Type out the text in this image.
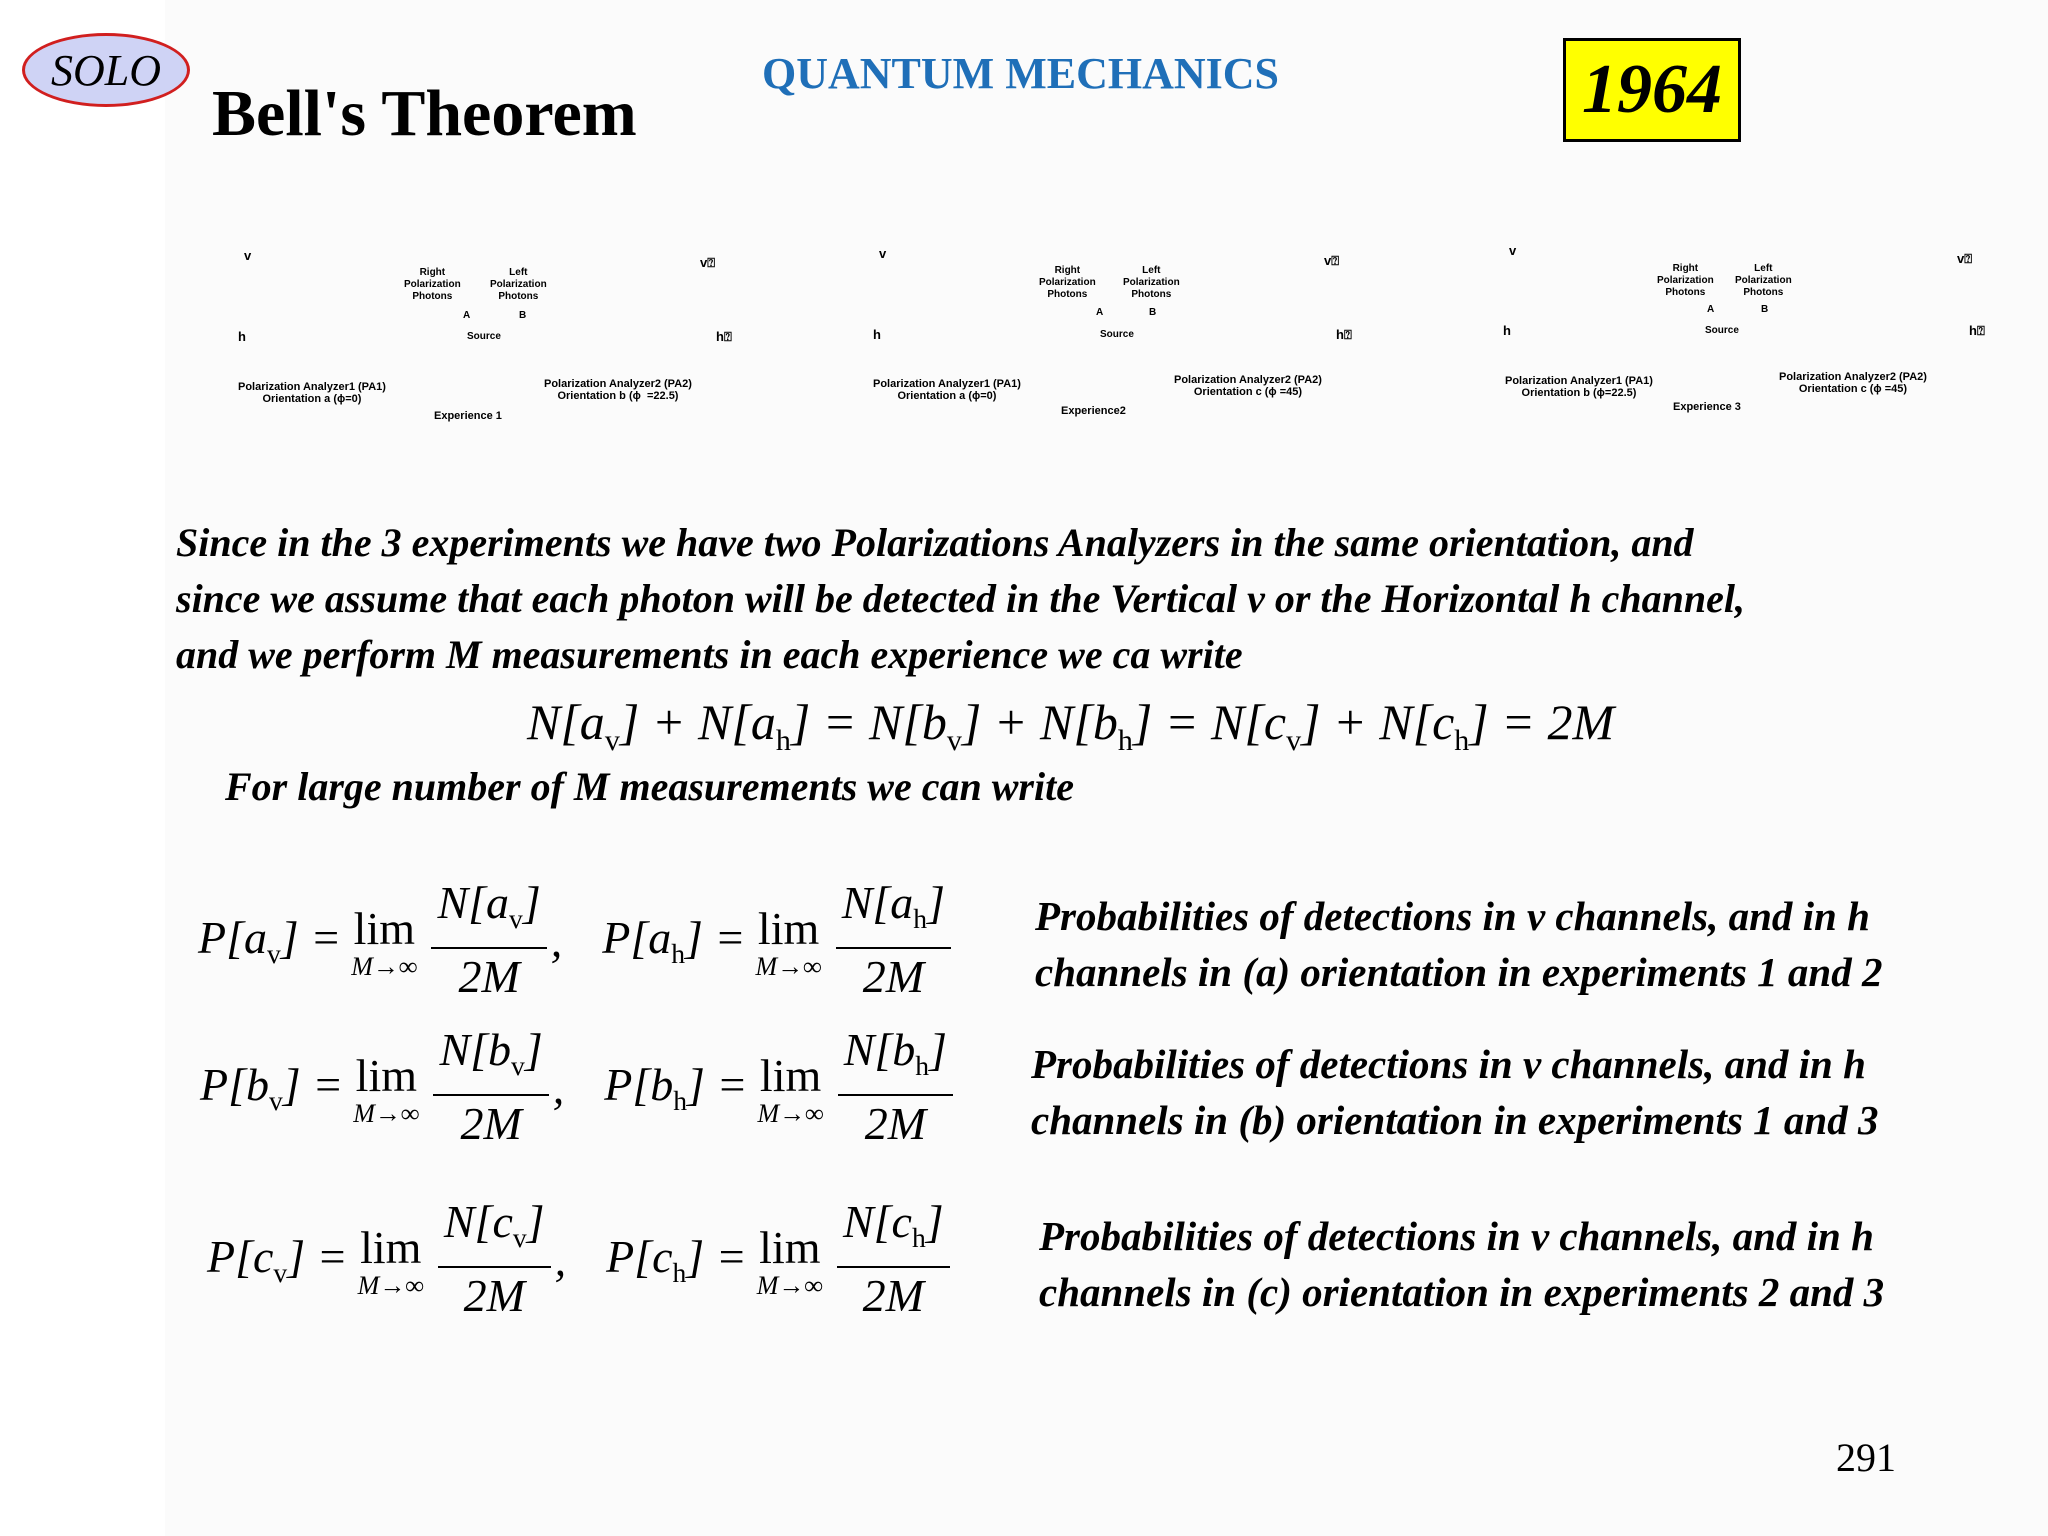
SOLO
Bell's Theorem
QUANTUM MECHANICS	1964
v
h
v⍰
h⍰
Right
Polarization
Photons
Left
Polarization
Photons
A	B
Source
Polarization Analyzer1 (PA1)
Orientation a (ϕ=0)
Polarization Analyzer2 (PA2)
Orientation b (ϕ  =22.5)
Experience 1
v
h
v⍰
h⍰
Right
Polarization
Photons
Left
Polarization
Photons
A	B
Source
Polarization Analyzer1 (PA1)
Orientation a (ϕ=0)
Polarization Analyzer2 (PA2)
Orientation c (ϕ =45)
Experience2
v
h
v⍰
h⍰
Right
Polarization
Photons
Left
Polarization
Photons
A	B
Source
Polarization Analyzer1 (PA1)
Orientation b (ϕ=22.5)
Polarization Analyzer2 (PA2)
Orientation c (ϕ =45)
Experience 3
Since in the 3 experiments we have two Polarizations Analyzers in the same orientation, and
since we assume that each photon will be detected in the Vertical v or the Horizontal h channel,
and we perform M measurements in each experience we ca write
$N[a_v] + N[a_h] = N[b_v] + N[b_h] = N[c_v] + N[c_h] = 2M$
For large number of M measurements we can write
$P[a_v] = \lim$
$M\to\infty \frac{N[a_v]}{2M}$ , $P[a_h] = \lim$
$M\to\infty \frac{N[a_h]}{2M}$ Probabilities of detections in v channels, and in h
channels in (a) orientation in experiments 1 and 2
$P[b_v] = \lim$
$M\to\infty \frac{N[b_v]}{2M}$ , $P[b_h] = \lim$
$M\to\infty \frac{N[b_h]}{2M}$ Probabilities of detections in v channels, and in h
channels in (b) orientation in experiments 1 and 3
$P[c_v] = \lim$
$M\to\infty \frac{N[c_v]}{2M}$ , $P[c_h] = \lim$
$M\to\infty \frac{N[c_h]}{2M}$ Probabilities of detections in v channels, and in h
channels in (c) orientation in experiments 2 and 3
291
